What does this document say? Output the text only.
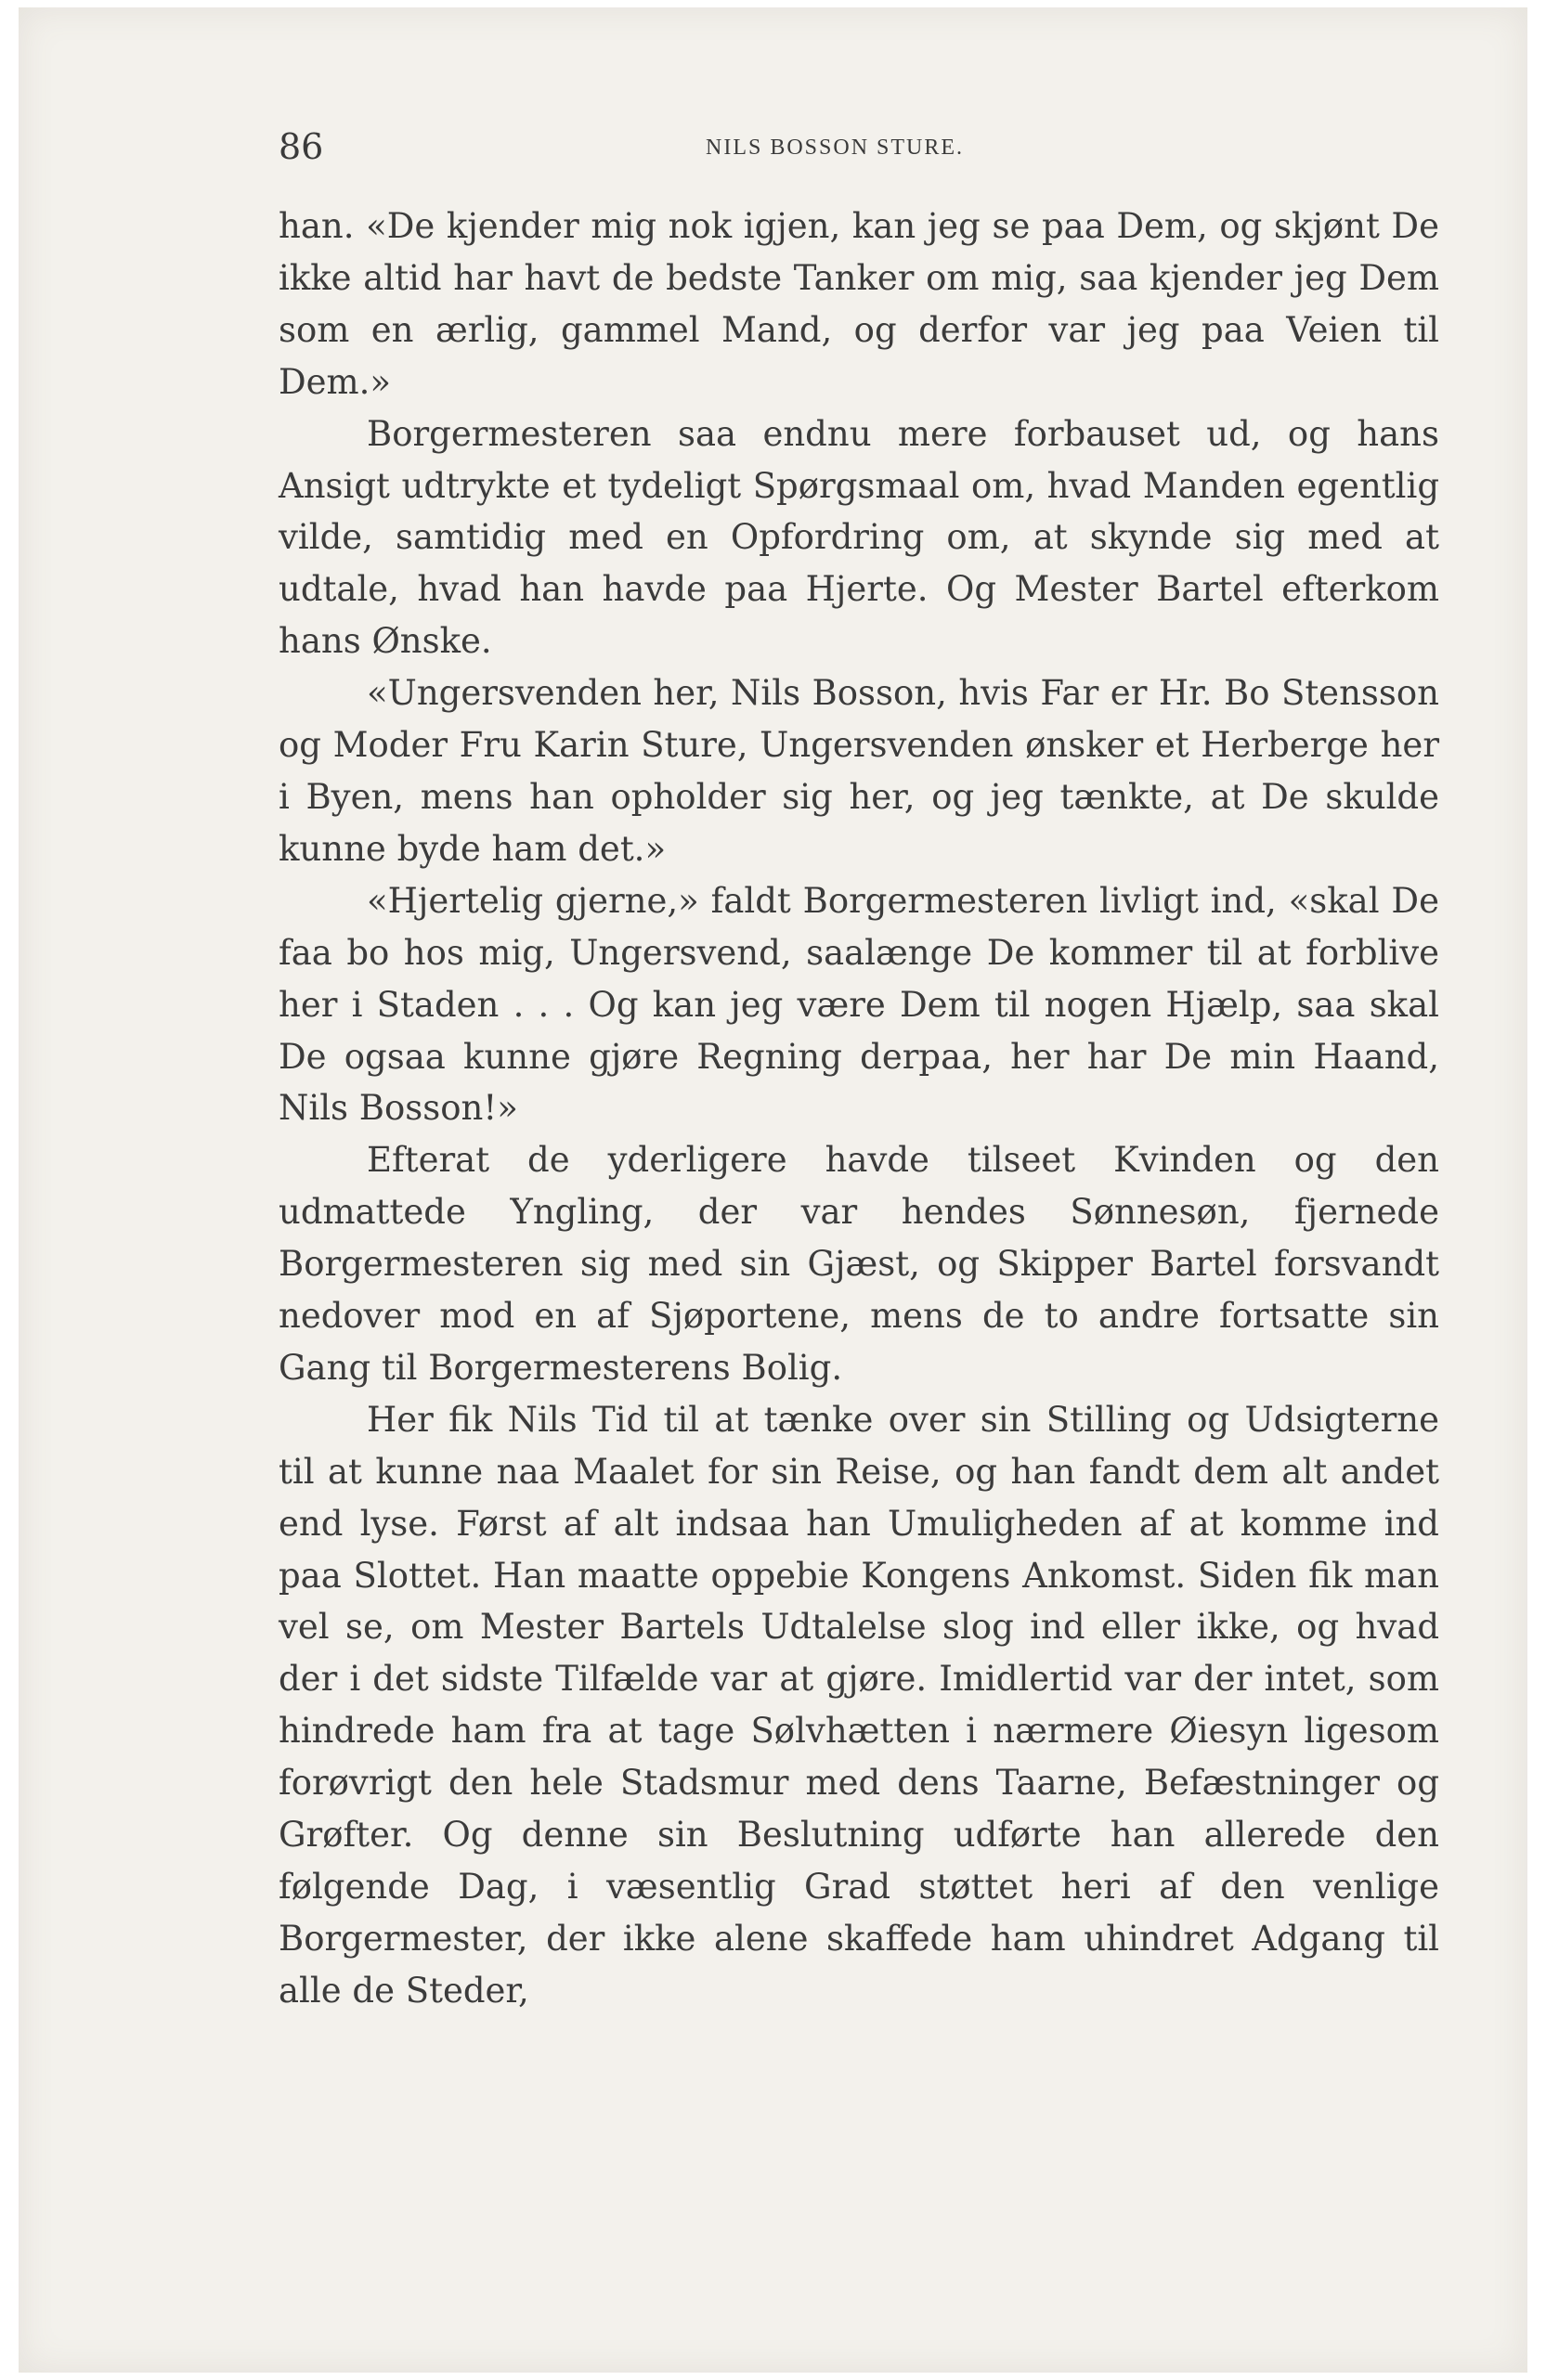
86	NILS BOSSON STURE.

han. «De kjender mig nok igjen, kan jeg se paa Dem, og skjønt De ikke altid har havt de bedste Tanker om mig, saa kjender jeg Dem som en ærlig, gammel Mand, og derfor var jeg paa Veien til Dem.»

Borgermesteren saa endnu mere forbauset ud, og hans Ansigt udtrykte et tydeligt Spørgsmaal om, hvad Manden egentlig vilde, samtidig med en Opfordring om, at skynde sig med at udtale, hvad han havde paa Hjerte. Og Mester Bartel efterkom hans Ønske.

«Ungersvenden her, Nils Bosson, hvis Far er Hr. Bo Stensson og Moder Fru Karin Sture, Ungersvenden ønsker et Herberge her i Byen, mens han opholder sig her, og jeg tænkte, at De skulde kunne byde ham det.»

«Hjertelig gjerne,» faldt Borgermesteren livligt ind, «skal De faa bo hos mig, Ungersvend, saalænge De kommer til at forblive her i Staden . . . Og kan jeg være Dem til nogen Hjælp, saa skal De ogsaa kunne gjøre Regning derpaa, her har De min Haand, Nils Bosson!»

Efterat de yderligere havde tilseet Kvinden og den udmattede Yngling, der var hendes Sønnesøn, fjernede Borgermesteren sig med sin Gjæst, og Skipper Bartel forsvandt nedover mod en af Sjøportene, mens de to andre fortsatte sin Gang til Borgermesterens Bolig.

Her fik Nils Tid til at tænke over sin Stilling og Udsigterne til at kunne naa Maalet for sin Reise, og han fandt dem alt andet end lyse. Først af alt indsaa han Umuligheden af at komme ind paa Slottet. Han maatte oppebie Kongens Ankomst. Siden fik man vel se, om Mester Bartels Udtalelse slog ind eller ikke, og hvad der i det sidste Tilfælde var at gjøre. Imidlertid var der intet, som hindrede ham fra at tage Sølvhætten i nærmere Øiesyn ligesom forøvrigt den hele Stadsmur med dens Taarne, Befæstninger og Grøfter. Og denne sin Beslutning udførte han allerede den følgende Dag, i væsentlig Grad støttet heri af den venlige Borgermester, der ikke alene skaffede ham uhindret Adgang til alle de Steder,
